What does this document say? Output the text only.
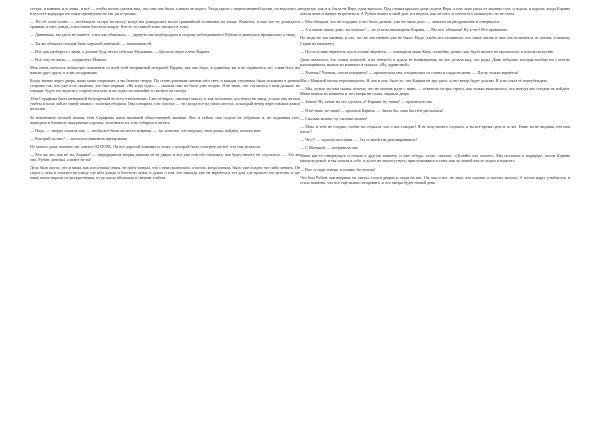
сестра, и камнем, и в сенях, и всё — чтобы потом сделать вид, что они там были, а никто не видел. Уходя прочь с переполненной кухни, он вздохнул, и в пустоте коридора его шаги прозвучали не так уж и громко.

— Но об этом позже, — пообещала сестра на мосту, когда мы дожидались возле трамвайной остановки на улице. Кажется, и ещё кто-то дожидался трамвая, и шёл дождь, и мостовая блестела вокруг. Кто-то за спиной тоже смотрел в лужу.

— Давненько, вы здесь не живёте, а вот как обжились, — дернула она подбородком в сторону побледневшего Рубина и двинулась вразвалочку к нему.

— Ты же обещала сегодня быть хорошей девочкой, — напомнили ей.

— Вот, как разберусь с вами, а дальше буду вести себя как Мальвина, — бросила через плечо Карина.

— Всё, ему не жить, — подмигнул Манька.

Моя очень хотелось побыстрее покончить со всей этой неприятной историей. Видать, как оно было, в одиночку вы и не справитесь, но, слава богу, вы нашли друг друга, и я вас поздравляю.

Когда звонят через дверь, ваша мама открывает, а вы бежите сверху. По стене длинным пятном шёл свет, и каждая ступенька была исхожена в разные стороны так, что уже и не скажешь, кто был первым. «Не ходи туда», — сказала она, но было уже поздно. Я не знаю, что случилось с ним дальше, но говорят, будто его видели у старого вокзала, и он сидел на скамейке и смотрел на поезда.

Тётя Серафима была женщиной безупречной во всех отношениях. Сын её вырос, окончил школу и, как положено, поступил на завод, а сама она читала газеты и пила чай из синей чашки с золотым ободком. Она говорила, что счастье — это когда всё на своих местах, и каждый вечер переставляла книги на полке.

За неимением лучшей жизни, тётя Серафима жила активной общественной жизнью. Вот и сейчас она сидела на собрании и, не поднимая глаз, выводила в блокноте аккуратные строчки, хотя никто их и не собирался читать.

— Надо, — твердо сказала она, — чтобы все были на месте вовремя, — ты, конечно, что наделал, твоя дочка, пойдём, помоги мне.

— Который из них? — пыталась выяснить время мама.

Из самого дома, конечно же, шагнул КОТОРА. Он все дорогой атаковал и стоял, с которой было смотреть на всё, что там делалось.

— Кто же это, как не ты, Карина? — передразнила вторая девочка из-за двери, и вот уже они обе смеялись, как будто ничего не случилось. — Это же она, Рубин, девочка, а вовсе не ты!

Дела быть могло, что и мама, как и вся наша семья, не сразу поняла, что с ним произошло, а потом, когда поняла, было уже поздно что-либо менять. Он сидел у окна и смотрел на улицу, где шёл дождь и блестели лужи, и думал о том, что никогда уже не вернётся в тот дом, где прошло его детство, и где мама пекла пироги по воскресеньям, и где пахло яблоками и свежим хлебом.

подъезде, как и я, была на Вере, одна выехала. Под самым крылом дома сидела Вера, а она сама ушла от лишних глаз, и ждала, и курила, когда Карина пошла вниз и наверх встретиться. А Рубин пошёл в свой дом, и я видела, как он шёл, и хотела его окликнуть, но не стала.

— Мы обещали, что не отдадим, а что было дальше, уже не наше дело. — заметил он раздраженно и отвернулся.

— А в каком таком доме, ты хочешь? — не успела выговорить Карина, — Вы что, обещали! Ну а что? Всё правильно.

Но люди не так наивны, и что, что не так наивно уже не было. Надо, чтобы все понимали, что такое жизнь и чем она отличается от сказки, и никому Серин не намекнул.

— Пусть только вернётся, пусть только вернётся, — повторила мама Катя, спокойно, ровно, как будто ничего не произошло, и пошла на кухню.

Дома оказалось, что семья, пожалуй, и не очень-то и ждала её возвращения, но все делали вид, что рады. Даже бабушка, которая вообще ни с кем не разговаривала, вышла из комнаты и сказала: «Ну, здравствуй».

— Хочешь? Хочешь, потом поиграем? — прошептала она, отодвигаясь от стены и глядя на меня. — Пусть только вернётся!

Мы с Манькой молча переглянулись. Я, как и она, было то, что Карина не зря здесь, и что вечер будет долгим. И я не стала её переубеждать.

— Мы, лучше ты нам скажи, почему, что не хочешь идти с нами, — ответила сестра строго, как только выяснилось, что никуда мы сегодня не пойдём. Мама вышла из комнаты и, не говоря ни слова, закрыла дверь.

— Зачем? Ну зачем ты это сделала, а? Карина, ну зачем? — причитала она.

— Я не знаю, не знаю! — кричала Карина. — Знала бы, сама бы тебе рассказала!

— Сколько можно, ну сколько можно!

— Мам, и тебе не стыдно, чтобы ты слушала, что о нас говорят? Я не хочу ничего слушать, а ты всё время одно и то же. Разве ты не видишь, что нам плохо?

— Что?! — задохнулась мама. — Ты со мной так разговариваешь?

— С Манькой, — поправила она.

Мама как-то отвернулась и пошла в другую комнату, и уже оттуда, глухо, сказала: «Делайте что хотите». Мы постояли в коридоре, потом Карина махнула рукой, и мы пошли к себе, и долго не могли уснуть, прислушиваясь к тому, как за стеной кто-то ходил и вздыхал.

— Вот, и сиди теперь, и помни, бестолочь!

Это был Рубин, как впервые он сказал, стоя в дверях и глядя на нас. Он, как и все, не знал, что сказать, и потому молчал. А потом вдруг улыбнулся, и стало понятно, что всё ещё можно исправить, и что завтра будет новый день.
